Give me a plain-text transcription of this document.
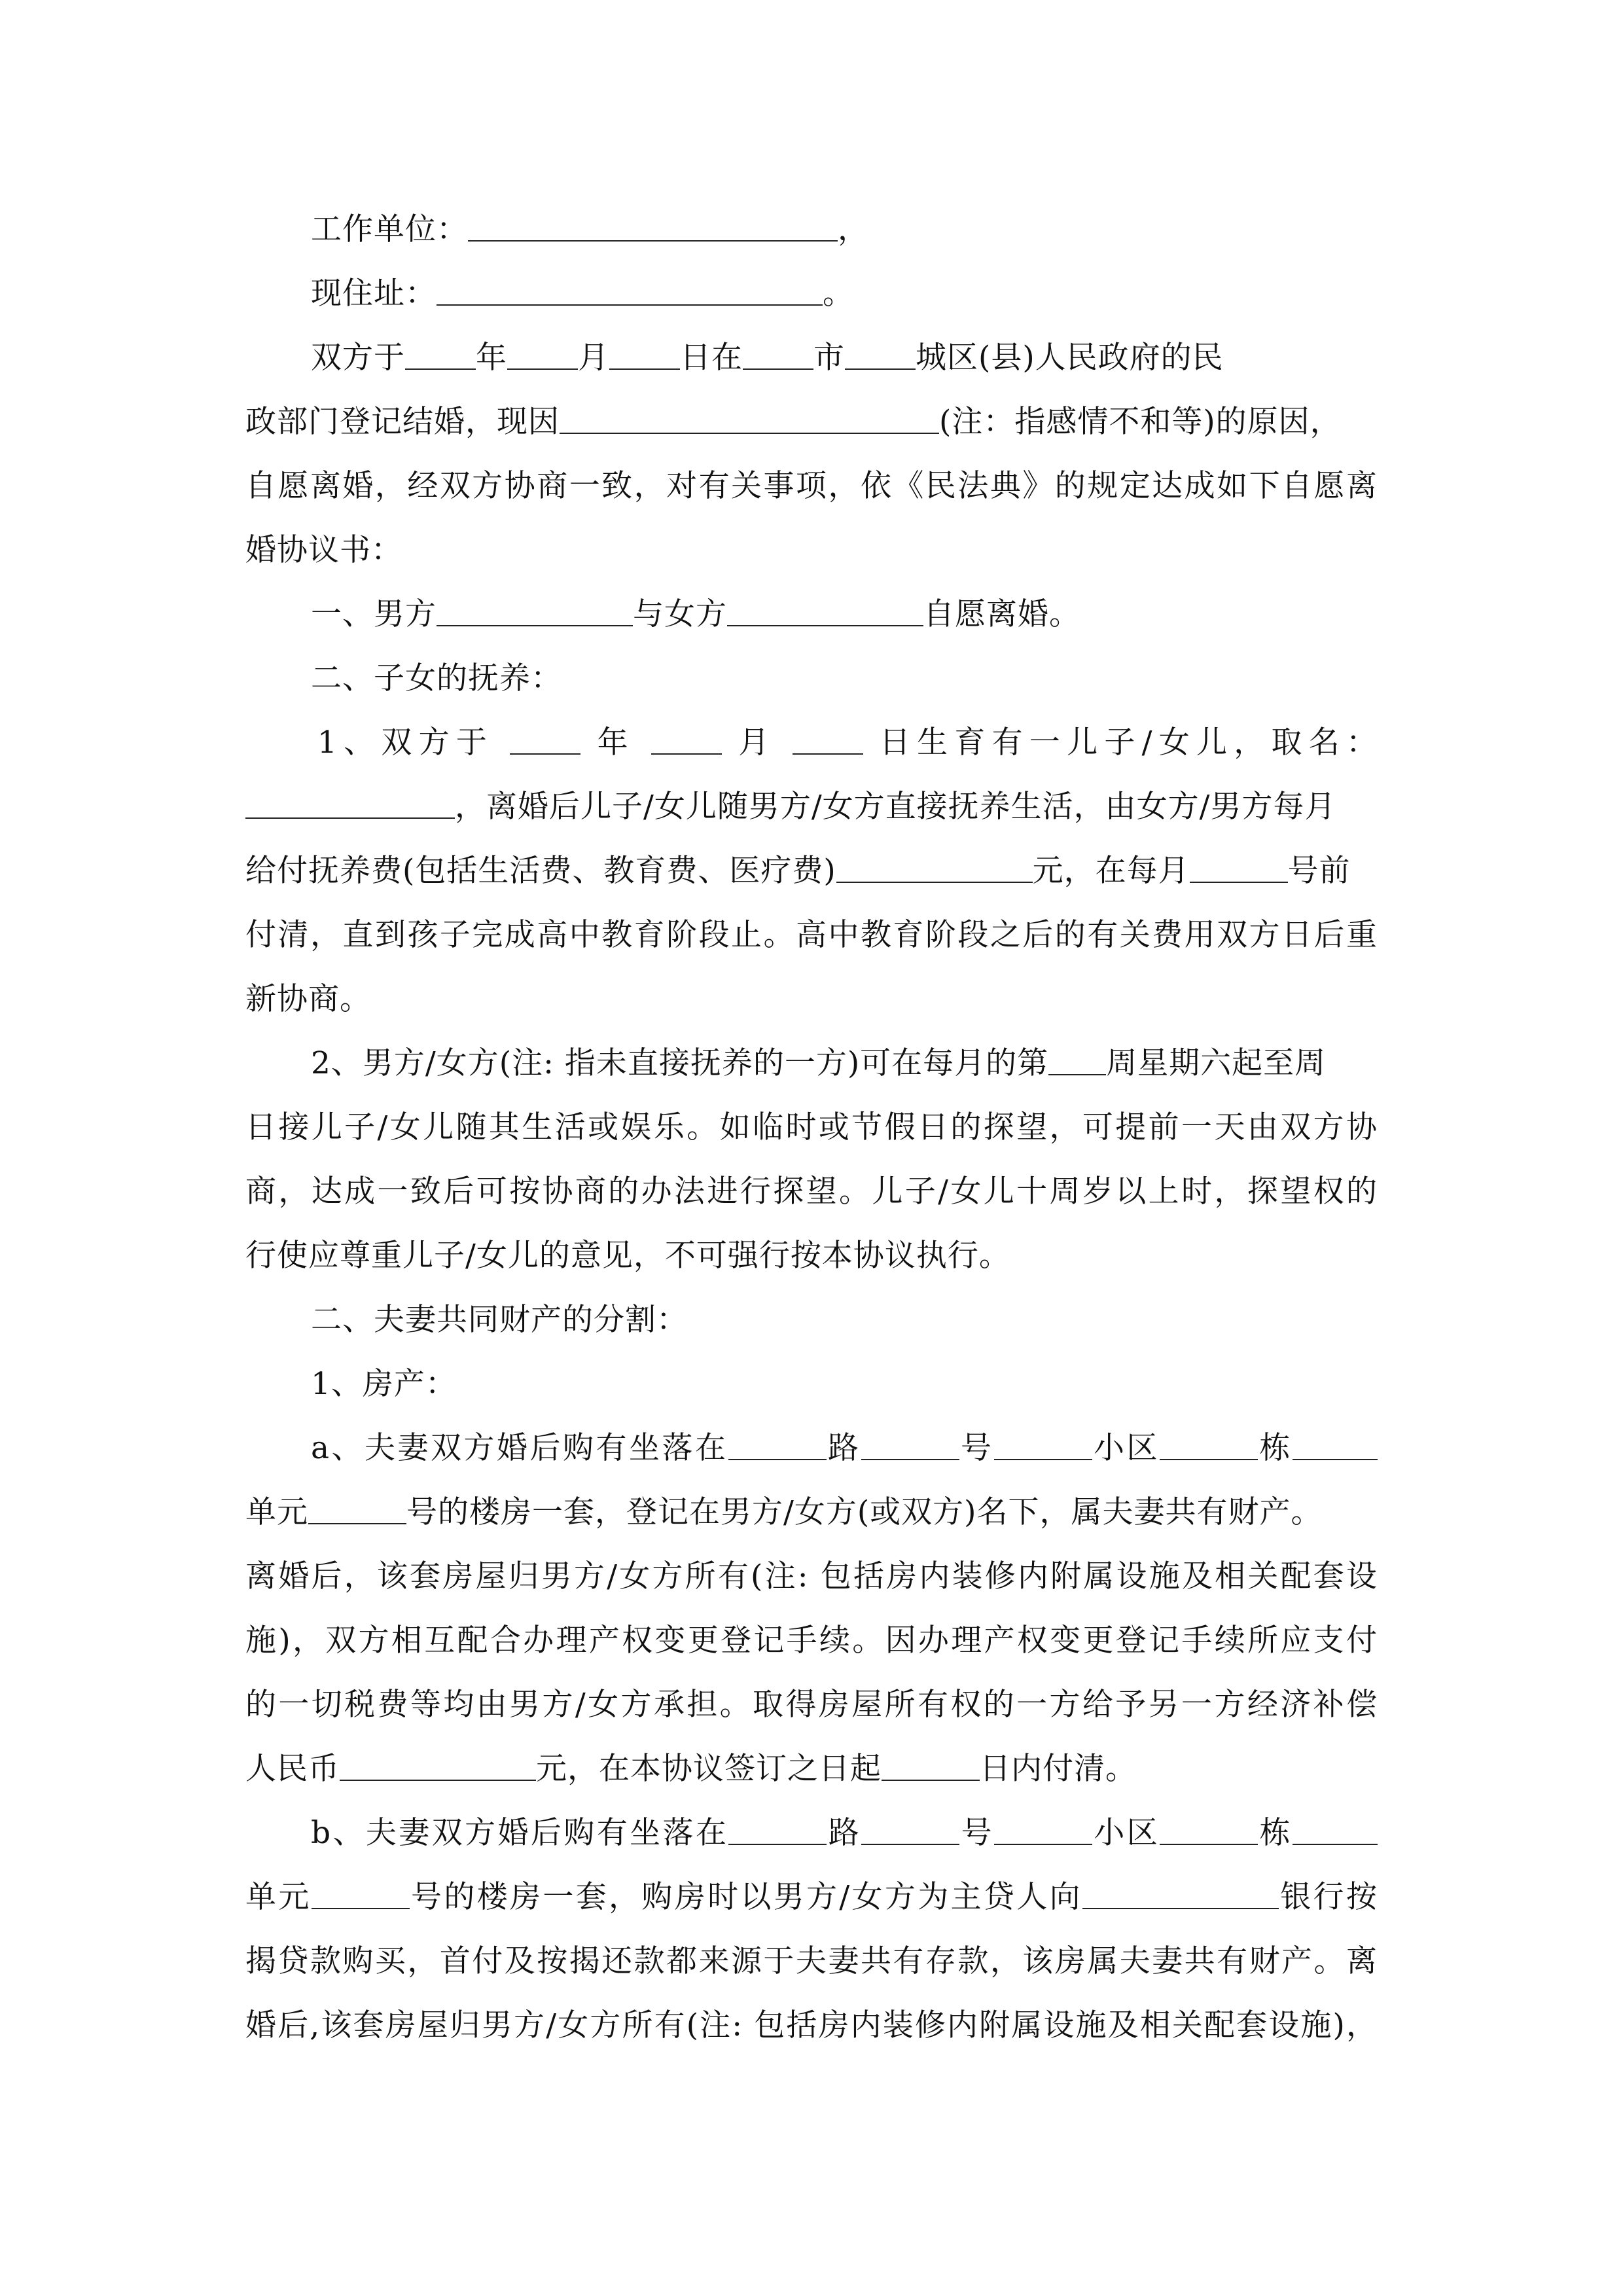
工作单位：	，
现住址：	。
双方于 年 月 日在 市 城区(县)人民政府的民
政部门登记结婚，现因	(注：指感情不和等)的原因，
自愿离婚，经双方协商一致，对有关事项，依《民法典》的规定达成如下自愿离
婚协议书：
一、男方	与女方	自愿离婚。
二、子女的抚养：
1、双方于	年	月	日生育有一儿子/女儿，取名：
，离婚后儿子/女儿随男方/女方直接抚养生活，由女方/男方每月
给付抚养费(包括生活费、教育费、医疗费)	元，在每月	号前
付清，直到孩子完成高中教育阶段止。高中教育阶段之后的有关费用双方日后重
新协商。
2、男方/女方(注: 指未直接抚养的一方)可在每月的第 周星期六起至周
日接儿子/女儿随其生活或娱乐。如临时或节假日的探望，可提前一天由双方协
商，达成一致后可按协商的办法进行探望。儿子/女儿十周岁以上时，探望权的
行使应尊重儿子/女儿的意见，不可强行按本协议执行。
二、夫妻共同财产的分割：
1、房产：
a、夫妻双方婚后购有坐落在	路	号	小区	栋
单元	号的楼房一套，登记在男方/女方(或双方)名下，属夫妻共有财产。
离婚后，该套房屋归男方/女方所有(注: 包括房内装修内附属设施及相关配套设
施)，双方相互配合办理产权变更登记手续。因办理产权变更登记手续所应支付
的一切税费等均由男方/女方承担。取得房屋所有权的一方给予另一方经济补偿
人民币	元，在本协议签订之日起	日内付清。
b、夫妻双方婚后购有坐落在	路	号	小区	栋
单元	号的楼房一套，购房时以男方/女方为主贷人向	银行按
揭贷款购买，首付及按揭还款都来源于夫妻共有存款，该房属夫妻共有财产。离
婚后,该套房屋归男方/女方所有(注: 包括房内装修内附属设施及相关配套设施)，
